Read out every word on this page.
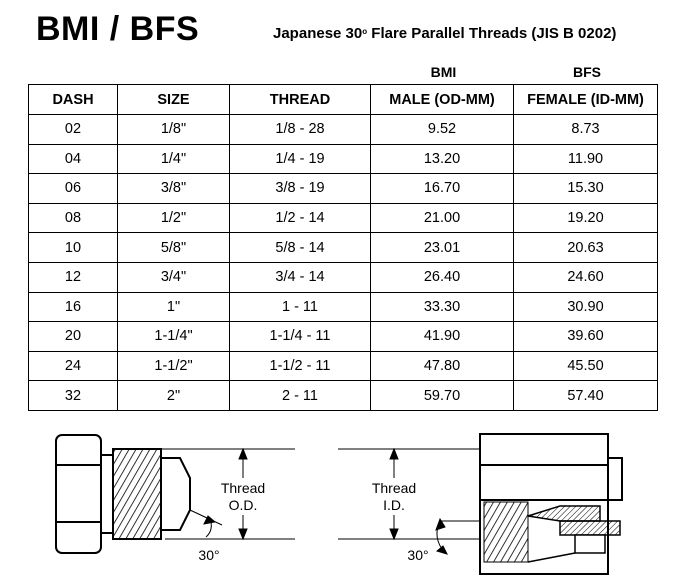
BMI / BFS	Japanese 30$^o$ Flare Parallel Threads (JIS B 0202)
BMI	BFS
DASH	SIZE	THREAD	MALE (OD-MM)	FEMALE (ID-MM)
02	1/8"	1/8 - 28	9.52	8.73
04	1/4"	1/4 - 19	13.20	11.90
06	3/8"	3/8 - 19	16.70	15.30
08	1/2"	1/2 - 14	21.00	19.20
10	5/8"	5/8 - 14	23.01	20.63
12	3/4"	3/4 - 14	26.40	24.60
16	1"	1 - 11	33.30	30.90
20	1-1/4"	1-1/4 - 11	41.90	39.60
24	1-1/2"	1-1/2 - 11	47.80	45.50
32	2"	2 - 11	59.70	57.40
Thread
O.D.
30°
Thread
I.D.
30°
